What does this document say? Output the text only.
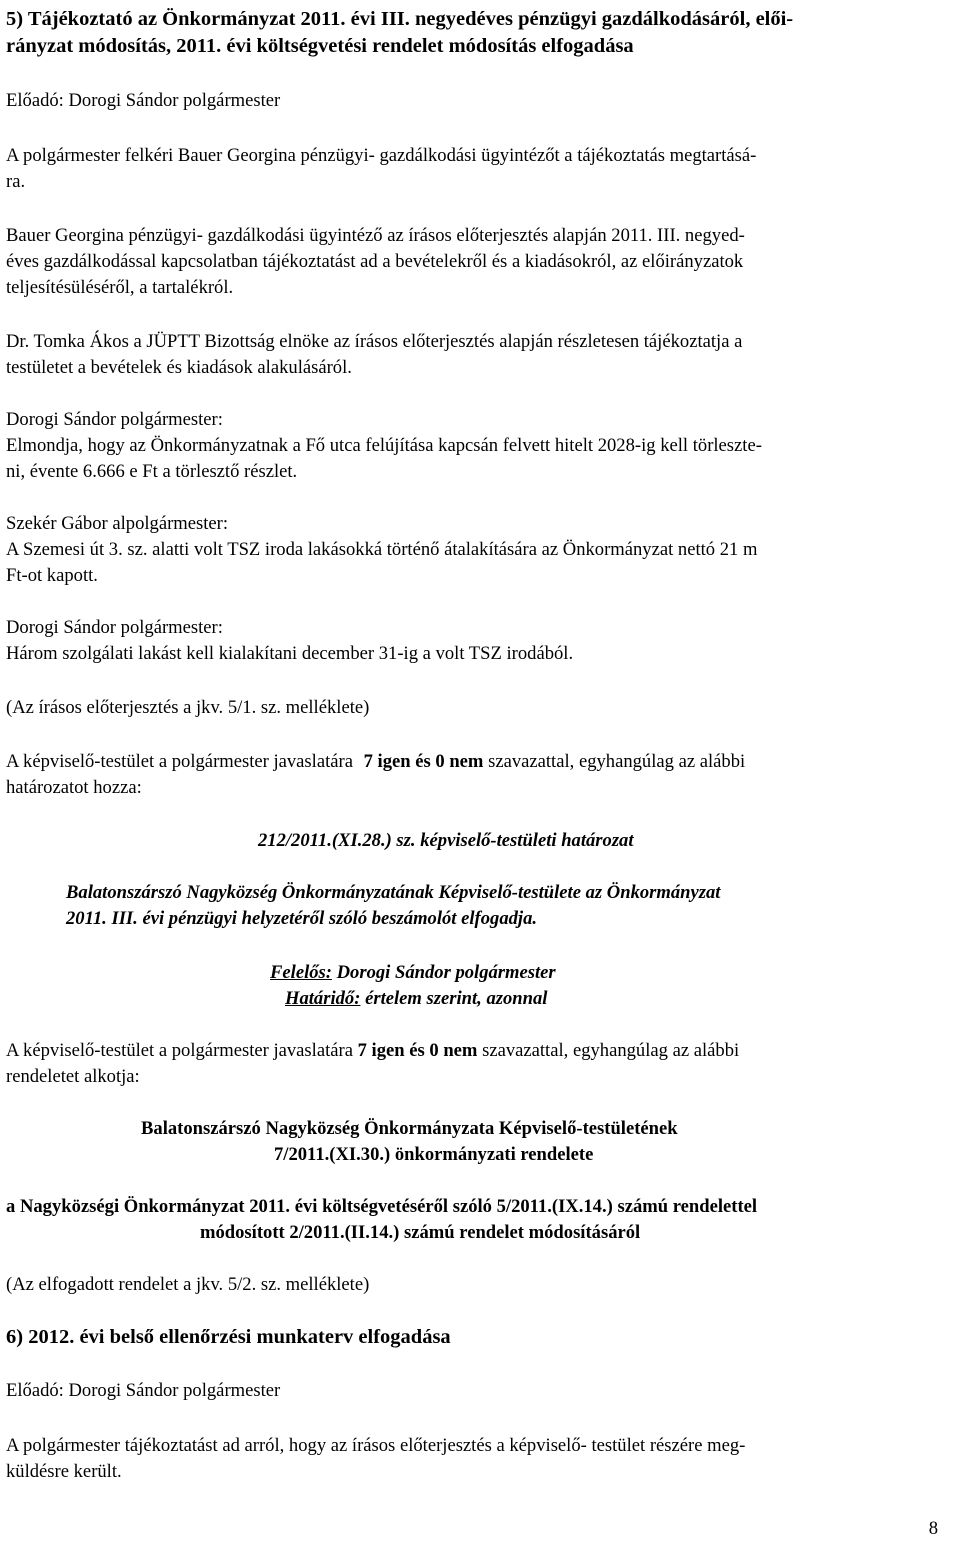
5) Tájékoztató az Önkormányzat 2011. évi III. negyedéves pénzügyi gazdálkodásáról, elői-
rányzat módosítás, 2011. évi költségvetési rendelet módosítás elfogadása
Előadó: Dorogi Sándor polgármester
A polgármester felkéri Bauer Georgina pénzügyi- gazdálkodási ügyintézőt a tájékoztatás megtartásá-
ra.
Bauer Georgina pénzügyi- gazdálkodási ügyintéző az írásos előterjesztés alapján 2011. III. negyed-
éves gazdálkodással kapcsolatban tájékoztatást ad a bevételekről és a kiadásokról, az előirányzatok
teljesítésüléséről, a tartalékról.
Dr. Tomka Ákos a JÜPTT Bizottság elnöke az írásos előterjesztés alapján részletesen tájékoztatja a
testületet a bevételek és kiadások alakulásáról.
Dorogi Sándor polgármester:
Elmondja, hogy az Önkormányzatnak a Fő utca felújítása kapcsán felvett hitelt 2028-ig kell törleszte-
ni, évente 6.666 e Ft a törlesztő részlet.
Szekér Gábor alpolgármester:
A Szemesi út 3. sz. alatti volt TSZ iroda lakásokká történő átalakítására az Önkormányzat nettó 21 m
Ft-ot kapott.
Dorogi Sándor polgármester:
Három szolgálati lakást kell kialakítani december 31-ig a volt TSZ irodából.
(Az írásos előterjesztés a jkv. 5/1. sz. melléklete)
A képviselő-testület a polgármester javaslatára 7 igen és 0 nem szavazattal, egyhangúlag az alábbi
határozatot hozza:
212/2011.(XI.28.) sz. képviselő-testületi határozat
Balatonszárszó Nagyközség Önkormányzatának Képviselő-testülete az Önkormányzat
2011. III. évi pénzügyi helyzetéről szóló beszámolót elfogadja.
Felelős: Dorogi Sándor polgármester
Határidő: értelem szerint, azonnal
A képviselő-testület a polgármester javaslatára 7 igen és 0 nem szavazattal, egyhangúlag az alábbi
rendeletet alkotja:
Balatonszárszó Nagyközség Önkormányzata Képviselő-testületének
7/2011.(XI.30.) önkormányzati rendelete
a Nagyközségi Önkormányzat 2011. évi költségvetéséről szóló 5/2011.(IX.14.) számú rendelettel
módosított 2/2011.(II.14.) számú rendelet módosításáról
(Az elfogadott rendelet a jkv. 5/2. sz. melléklete)
6) 2012. évi belső ellenőrzési munkaterv elfogadása
Előadó: Dorogi Sándor polgármester
A polgármester tájékoztatást ad arról, hogy az írásos előterjesztés a képviselő- testület részére meg-
küldésre került.
8
